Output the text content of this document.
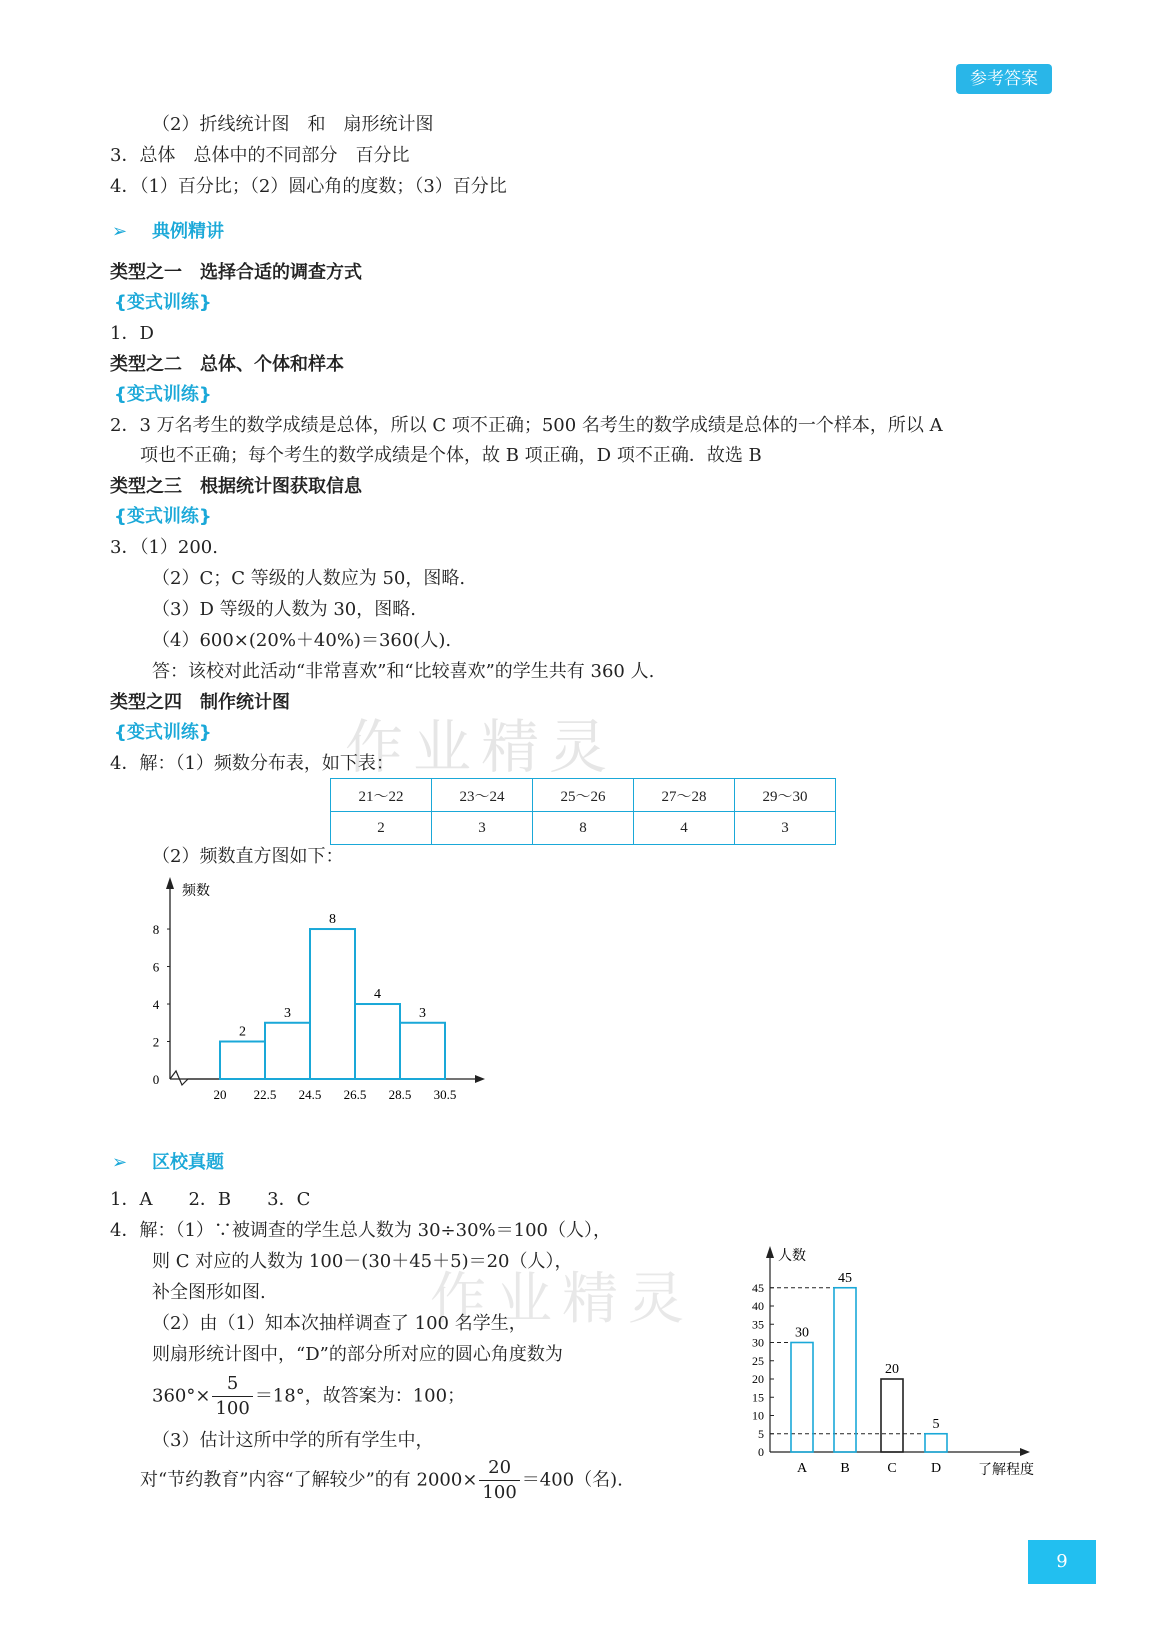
参考答案
作业精灵
作业精灵
（2）折线统计图　和　扇形统计图
3．总体　总体中的不同部分　百分比
4．（1）百分比；（2）圆心角的度数；（3）百分比
➢ 典例精讲
类型之一　选择合适的调查方式
{变式训练}
1．D
类型之二　总体、个体和样本
{变式训练}
2．3 万名考生的数学成绩是总体，所以 C 项不正确；500 名考生的数学成绩是总体的一个样本，所以 A
项也不正确；每个考生的数学成绩是个体，故 B 项正确，D 项不正确．故选 B
类型之三　根据统计图获取信息
{变式训练}
3．（1）200.
（2）C；C 等级的人数应为 50，图略.
（3）D 等级的人数为 30，图略.
（4）600×(20%＋40%)＝360(人).
答：该校对此活动“非常喜欢”和“比较喜欢”的学生共有 360 人.
类型之四　制作统计图
{变式训练}
4．解：（1）频数分布表，如下表：
21～22	23～24	25～26	27～28	29～30
2	3	8	4	3
（2）频数直方图如下：
频数
0
2
4
6
8
20 22.5 24.5 26.5 28.5 30.5
2
3
8
4
3
➢ 区校真题
1．A　　2．B　　3．C
4．解：（1）∵被调查的学生总人数为 30÷30%＝100（人），
则 C 对应的人数为 100－(30＋45＋5)＝20（人），
补全图形如图.
（2）由（1）知本次抽样调查了 100 名学生，
则扇形统计图中，“D”的部分所对应的圆心角度数为
$360^\circ\times \frac{5}{100} =18^\circ$，故答案为：100；
（3）估计这所中学的所有学生中，
对“节约教育”内容“了解较少”的有 $2000\times \frac{20}{100} =400$（名).
人数
了解程度
0
5
10
15
20
25
30
35
40
45
30
A
45
B
20
C
5
D
9
